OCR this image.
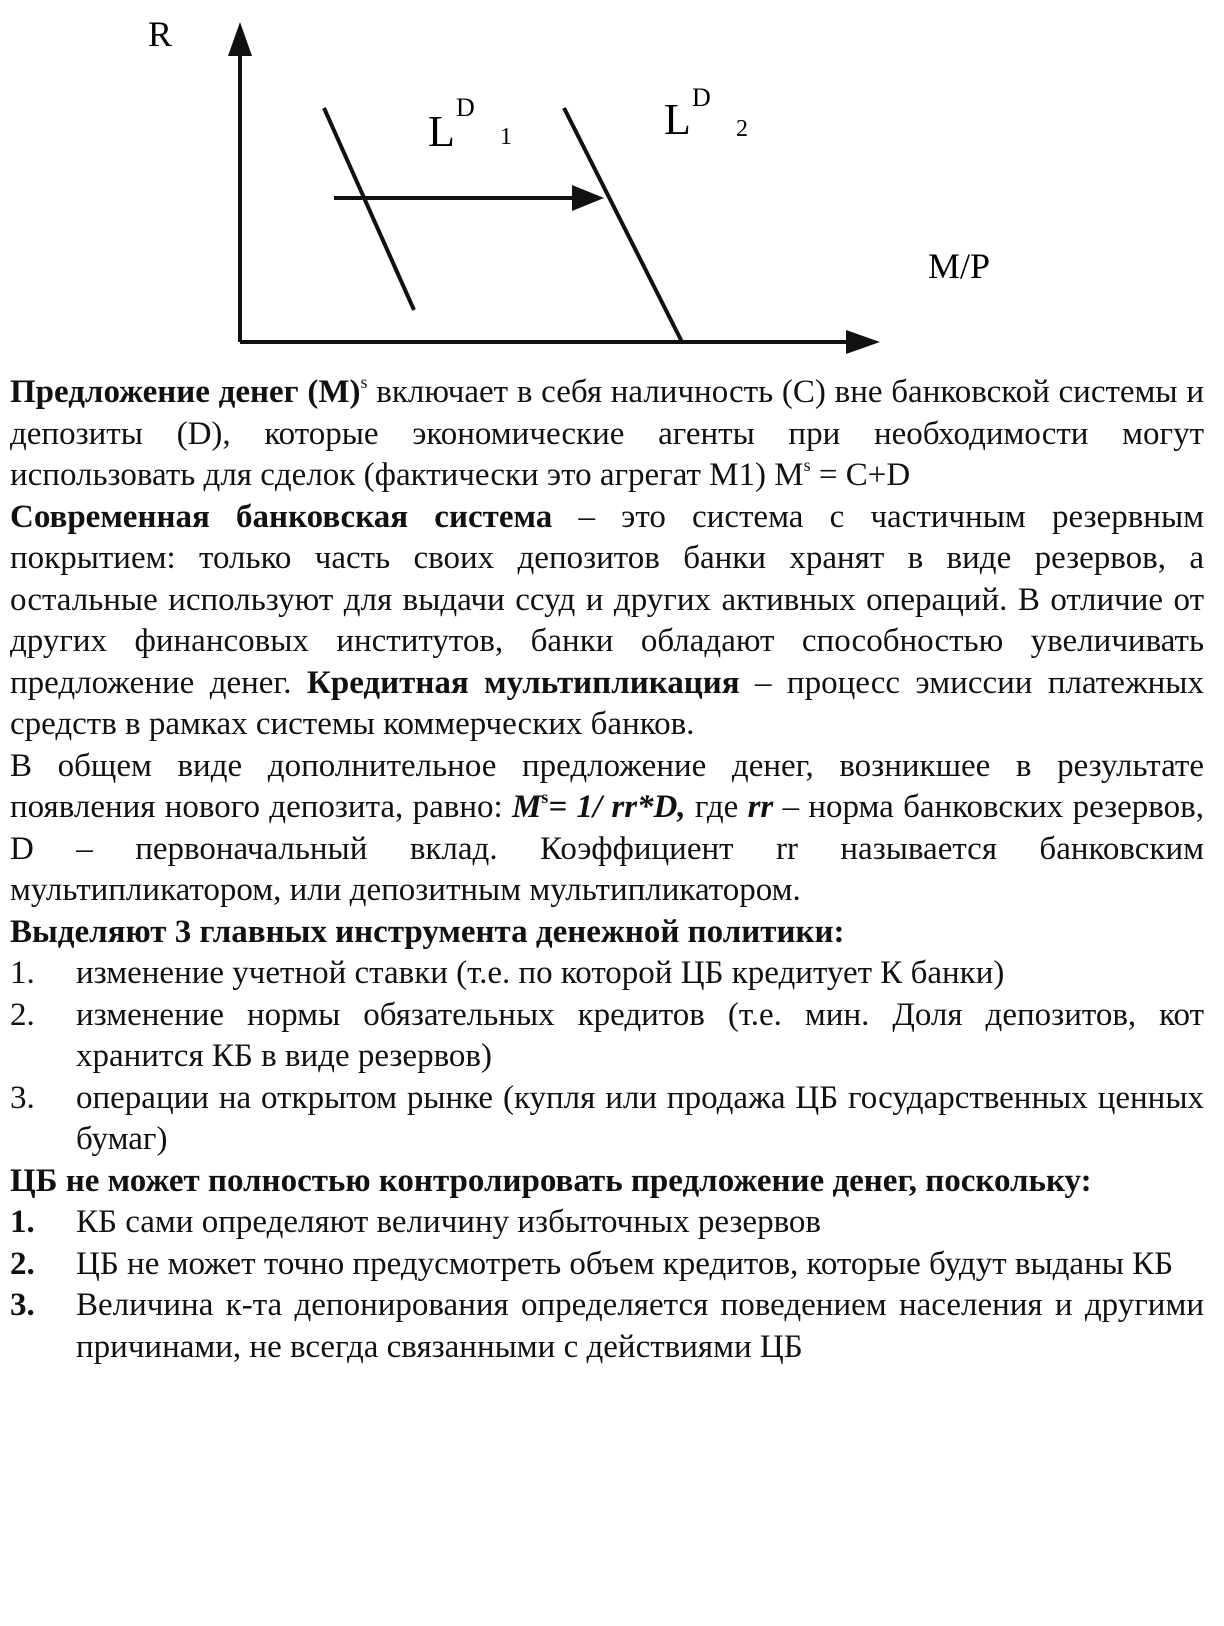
R
M/P
L D
1	L D
2

Предложение денег $(M)^s$ включает в себя наличность (C) вне банковской системы и депозиты (D), которые экономические агенты при необходимости могут использовать для сделок (фактически это агрегат M1) $M^s = C+D$

Современная банковская система – это система с частичным резервным покрытием: только часть своих депозитов банки хранят в виде резервов, а остальные используют для выдачи ссуд и других активных операций. В отличие от других финансовых институтов, банки обладают способностью увеличивать предложение денег. Кредитная мультипликация – процесс эмиссии платежных средств в рамках системы коммерческих банков.

В общем виде дополнительное предложение денег, возникшее в результате появления нового депозита, равно: $M^s= 1/$ rr*D, где rr – норма банковских резервов, D – первоначальный вклад. Коэффициент rr называется банковским мультипликатором, или депозитным мультипликатором.

Выделяют 3 главных инструмента денежной политики:

1.	изменение учетной ставки (т.е. по которой ЦБ кредитует К банки)
2.	изменение нормы обязательных кредитов (т.е. мин. Доля депозитов, кот хранится КБ в виде резервов)
3.	операции на открытом рынке (купля или продажа ЦБ государственных ценных бумаг)

ЦБ не может полностью контролировать предложение денег, поскольку:

1.	КБ сами определяют величину избыточных резервов
2.	ЦБ не может точно предусмотреть объем кредитов, которые будут выданы КБ
3.	Величина к-та депонирования определяется поведением населения и другими причинами, не всегда связанными с действиями ЦБ
